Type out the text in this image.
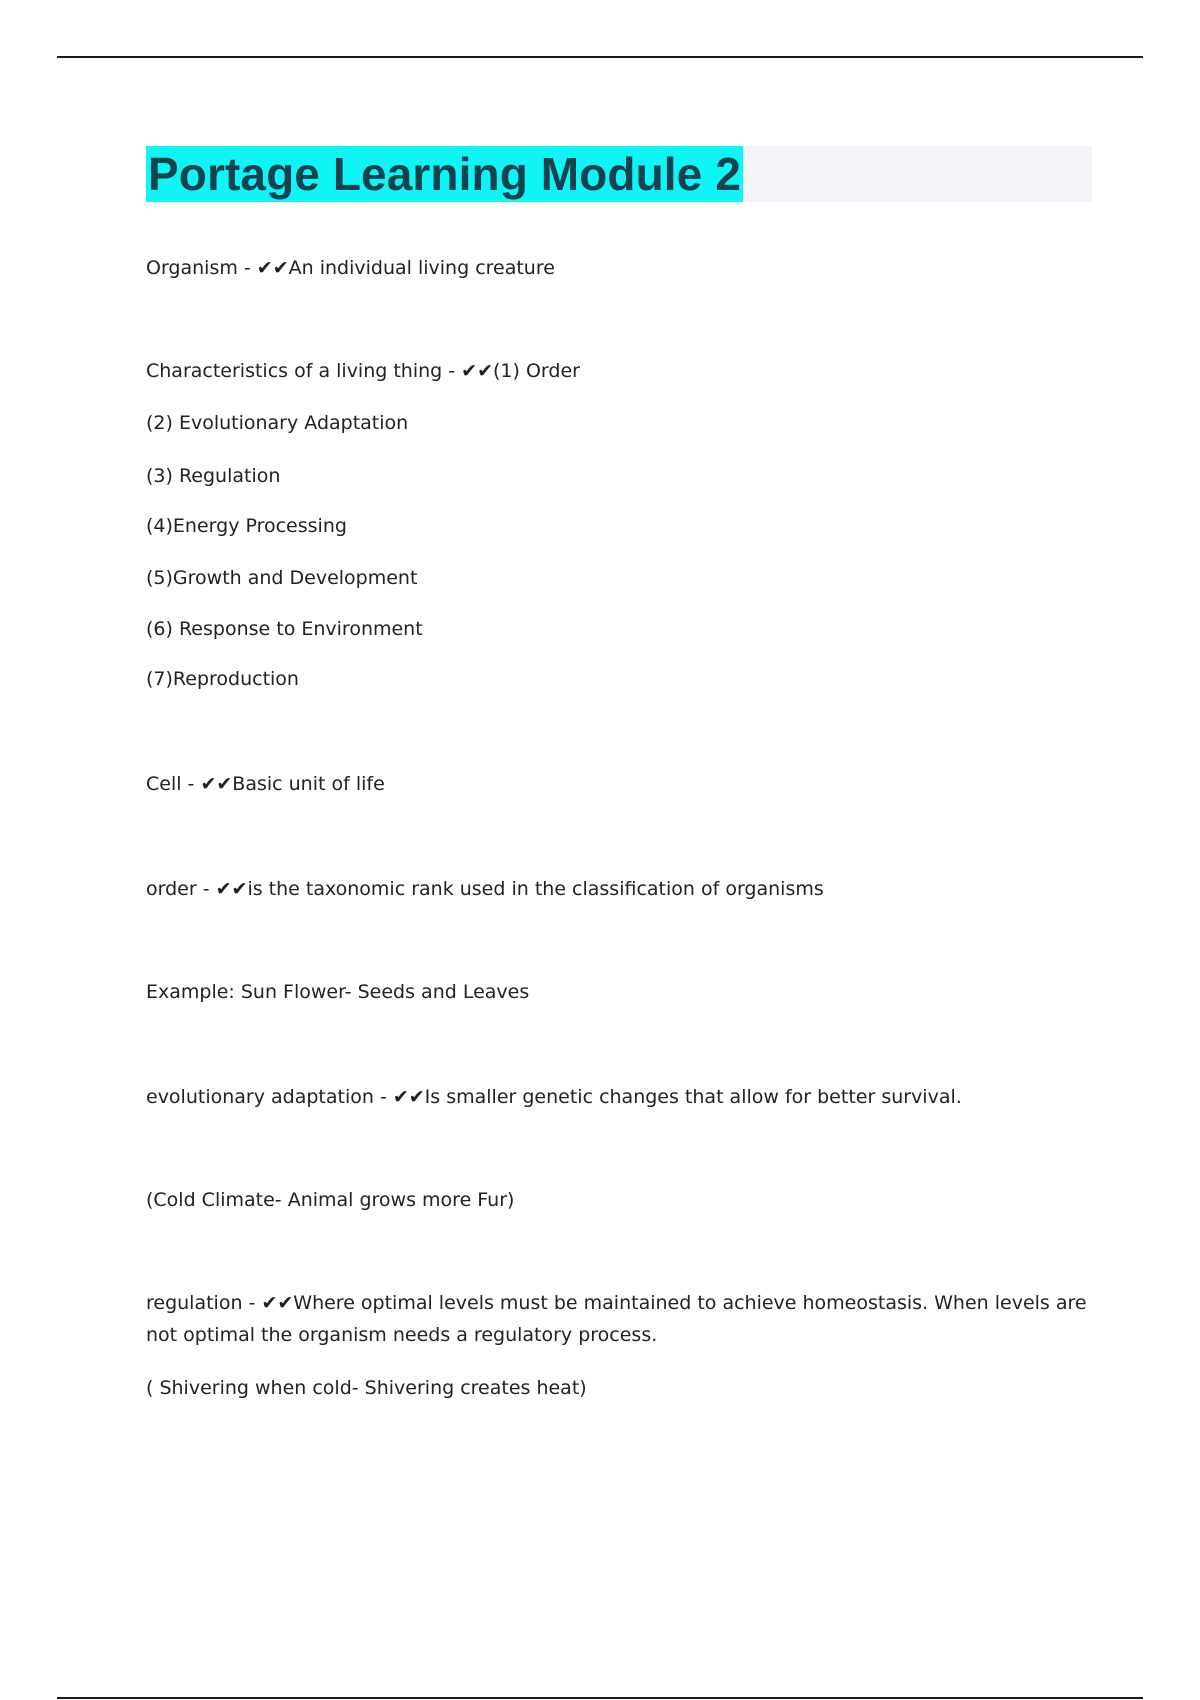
Portage Learning Module 2
Organism - ✔✔An individual living creature
Characteristics of a living thing - ✔✔(1) Order
(2) Evolutionary Adaptation
(3) Regulation
(4)Energy Processing
(5)Growth and Development
(6) Response to Environment
(7)Reproduction
Cell - ✔✔Basic unit of life
order - ✔✔is the taxonomic rank used in the classification of organisms
Example: Sun Flower- Seeds and Leaves
evolutionary adaptation - ✔✔Is smaller genetic changes that allow for better survival.
(Cold Climate- Animal grows more Fur)
regulation - ✔✔Where optimal levels must be maintained to achieve homeostasis. When levels are not optimal the organism needs a regulatory process.
( Shivering when cold- Shivering creates heat)
